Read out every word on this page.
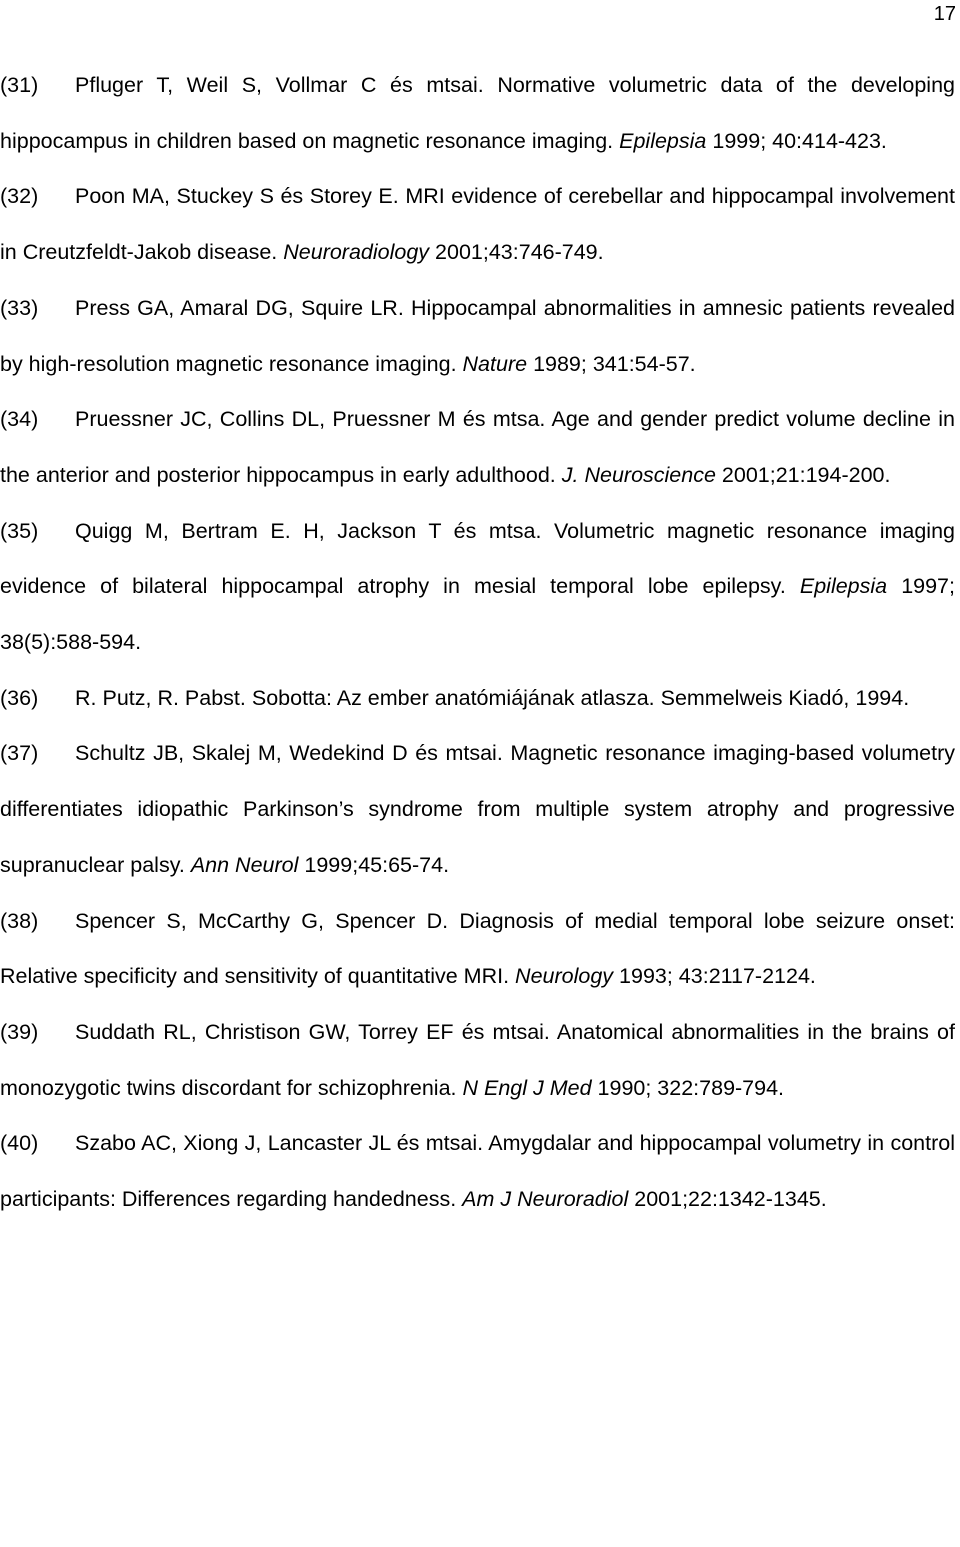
17

(31) Pfluger T, Weil S, Vollmar C és mtsai. Normative volumetric data of the developing hippocampus in children based on magnetic resonance imaging. Epilepsia 1999; 40:414-423.

(32) Poon MA, Stuckey S és Storey E. MRI evidence of cerebellar and hippocampal involvement in Creutzfeldt-Jakob disease. Neuroradiology 2001;43:746-749.

(33) Press GA, Amaral DG, Squire LR. Hippocampal abnormalities in amnesic patients revealed by high-resolution magnetic resonance imaging. Nature 1989; 341:54-57.

(34) Pruessner JC, Collins DL, Pruessner M és mtsa. Age and gender predict volume decline in the anterior and posterior hippocampus in early adulthood. J. Neuroscience 2001;21:194-200.

(35) Quigg M, Bertram E. H, Jackson T és mtsa. Volumetric magnetic resonance imaging evidence of bilateral hippocampal atrophy in mesial temporal lobe epilepsy. Epilepsia 1997; 38(5):588-594.

(36) R. Putz, R. Pabst. Sobotta: Az ember anatómiájának atlasza. Semmelweis Kiadó, 1994.

(37) Schultz JB, Skalej M, Wedekind D és mtsai. Magnetic resonance imaging-based volumetry differentiates idiopathic Parkinson’s syndrome from multiple system atrophy and progressive supranuclear palsy. Ann Neurol 1999;45:65-74.

(38) Spencer S, McCarthy G, Spencer D. Diagnosis of medial temporal lobe seizure onset: Relative specificity and sensitivity of quantitative MRI. Neurology 1993; 43:2117-2124.

(39) Suddath RL, Christison GW, Torrey EF és mtsai. Anatomical abnormalities in the brains of monozygotic twins discordant for schizophrenia. N Engl J Med 1990; 322:789-794.

(40) Szabo AC, Xiong J, Lancaster JL és mtsai. Amygdalar and hippocampal volumetry in control participants: Differences regarding handedness. Am J Neuroradiol 2001;22:1342-1345.
